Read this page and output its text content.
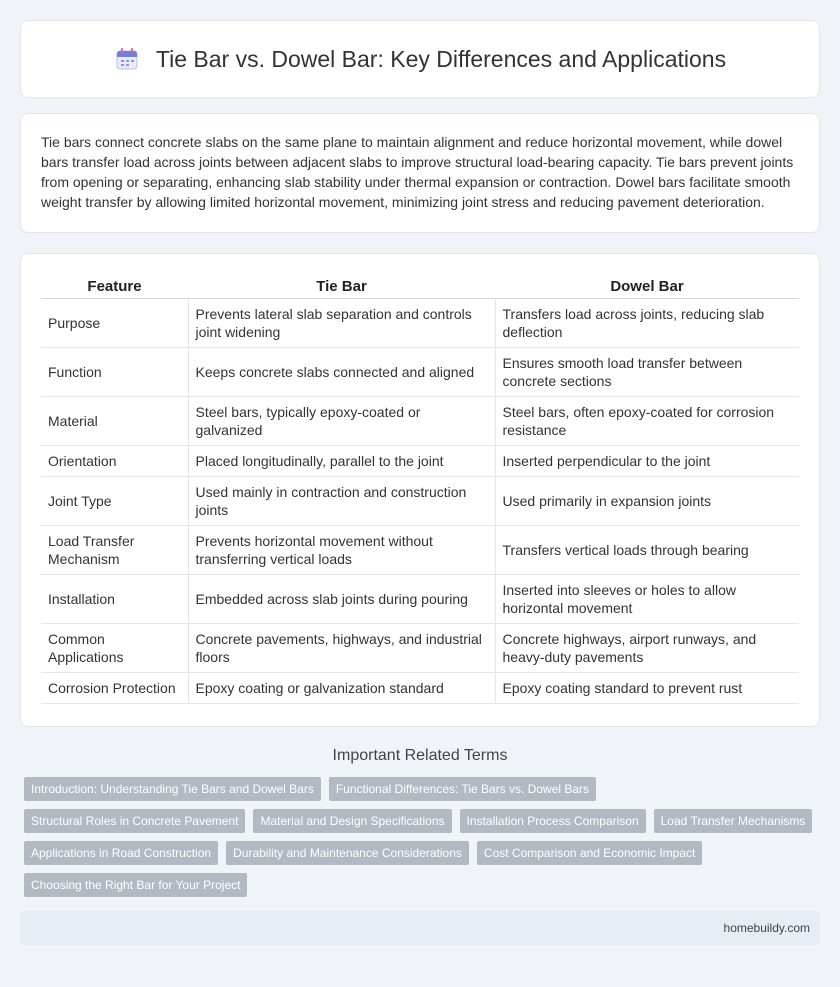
Tie Bar vs. Dowel Bar: Key Differences and Applications

Tie bars connect concrete slabs on the same plane to maintain alignment and reduce horizontal movement, while dowel bars transfer load across joints between adjacent slabs to improve structural load-bearing capacity. Tie bars prevent joints from opening or separating, enhancing slab stability under thermal expansion or contraction. Dowel bars facilitate smooth weight transfer by allowing limited horizontal movement, minimizing joint stress and reducing pavement deterioration.

Feature	Tie Bar	Dowel Bar
Purpose	Prevents lateral slab separation and controls joint widening	Transfers load across joints, reducing slab deflection
Function	Keeps concrete slabs connected and aligned	Ensures smooth load transfer between concrete sections
Material	Steel bars, typically epoxy-coated or galvanized	Steel bars, often epoxy-coated for corrosion resistance
Orientation	Placed longitudinally, parallel to the joint	Inserted perpendicular to the joint
Joint Type	Used mainly in contraction and construction joints	Used primarily in expansion joints
Load Transfer Mechanism	Prevents horizontal movement without transferring vertical loads	Transfers vertical loads through bearing
Installation	Embedded across slab joints during pouring	Inserted into sleeves or holes to allow horizontal movement
Common Applications	Concrete pavements, highways, and industrial floors	Concrete highways, airport runways, and heavy-duty pavements
Corrosion Protection	Epoxy coating or galvanization standard	Epoxy coating standard to prevent rust
Important Related Terms
Introduction: Understanding Tie Bars and Dowel Bars	Functional Differences: Tie Bars vs. Dowel Bars
Structural Roles in Concrete Pavement	Material and Design Specifications	Installation Process Comparison	Load Transfer Mechanisms
Applications in Road Construction	Durability and Maintenance Considerations	Cost Comparison and Economic Impact
Choosing the Right Bar for Your Project
homebuildy.com
